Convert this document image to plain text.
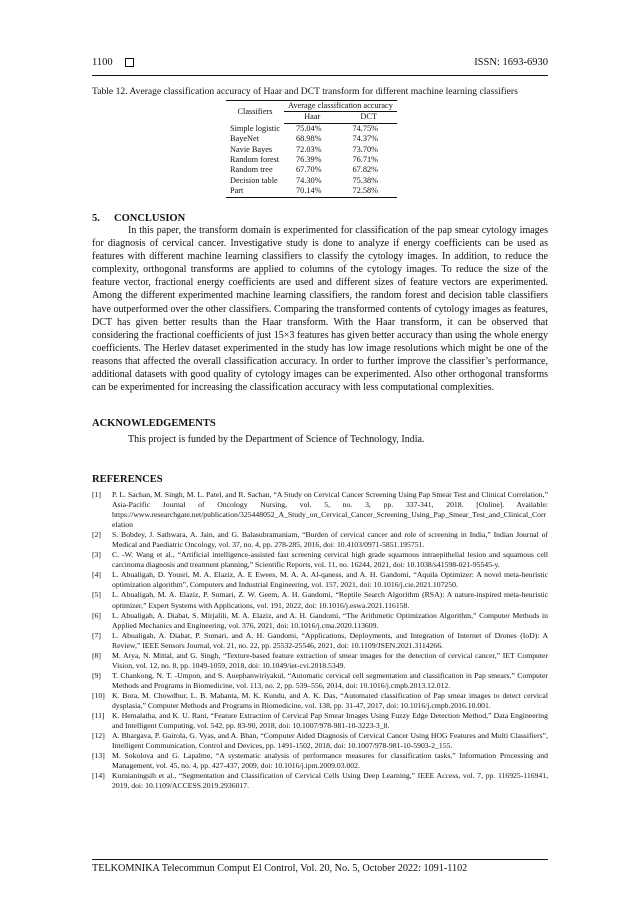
1100	ISSN: 1693-6930
Table 12. Average classification accuracy of Haar and DCT transform for different machine learning classifiers
Classifiers	Average classification accuracy	
	Haar	DCT
Simple logistic	75.04%	74.75%
BayeNet	68.98%	74.37%
Navie Bayes	72.03%	73.70%
Random forest	76.39%	76.71%
Random tree	67.70%	67.82%
Decision table	74.30%	75.38%
Part	70.14%	72.58%
5. CONCLUSION

In this paper, the transform domain is experimented for classification of the pap smear cytology images for diagnosis of cervical cancer. Investigative study is done to analyze if energy coefficients can be used as features with different machine learning classifiers to classify the cytology images. In addition, to reduce the complexity, orthogonal transforms are applied to columns of the cytology images. To reduce the size of the feature vector, fractional energy coefficients are used and different sizes of feature vectors are experimented. Among the different experimented machine learning classifiers, the random forest and decision table classifiers have outperformed over the other classifiers. Comparing the transformed contents of cytology images as features, DCT has given better results than the Haar transform. With the Haar transform, it can be observed that considering the fractional coefficients of just 15×3 features has given better accuracy than using the whole energy coefficients. The Herlev dataset experimented in the study has low image resolutions which might be one of the reasons that affected the overall classification accuracy. In order to further improve the classifier’s performance, additional datasets with good quality of cytology images can be experimented. Also other orthogonal transforms can be experimented for increasing the classification accuracy with less computational complexities.

ACKNOWLEDGEMENTS

This project is funded by the Department of Science of Technology, India.

REFERENCES
[1]	P. L. Sachan, M. Singh, M. L. Patel, and R. Sachan, “A Study on Cervical Cancer Screening Using Pap Smear Test and Clinical Correlation,” Asia-Pacific Journal of Oncology Nursing, vol. 5, no. 3, pp. 337-341, 2018. [Online]. Available: https://www.researchgate.net/publication/325448052_A_Study_on_Cervical_Cancer_Screening_Using_Pap_Smear_Test_and_Clinical_Correlation
[2]	S. Bobdey, J. Sathwara, A. Jain, and G. Balasubramaniam, “Burden of cervical cancer and role of screening in India,” Indian Journal of Medical and Paediatric Oncology, vol. 37, no. 4, pp. 278-285, 2016, doi: 10.4103/0971-5851.195751.
[3]	C. -W. Wang et al., “Artificial intelligence-assisted fast screening cervical high grade squamous intraepithelial lesion and squamous cell carcinoma diagnosis and treatment planning,” Scientific Reports, vol. 11, no. 16244, 2021, doi: 10.1038/s41598-021-95545-y.
[4]	L. Abualigah, D. Yousri, M. A. Elaziz, A. E Ewees, M. A. A. Al-qaness, and A. H. Gandomi, “Aquila Optimizer: A novel meta-heuristic optimization algorithm”, Computers and Industrial Engineering, vol. 157, 2021, doi: 10.1016/j.cie.2021.107250.
[5]	L. Abualigah, M. A. Elaziz, P. Sumari, Z. W. Geem, A. H. Gandomi, “Reptile Search Algorithm (RSA): A nature-inspired meta-heuristic optimizer,” Expert Systems with Applications, vol. 191, 2022, doi: 10.1016/j.eswa.2021.116158.
[6]	L. Abualigah, A. Diabat, S. Mirjalili, M. A. Elaziz, and A. H. Gandomi, “The Arithmetic Optimization Algorithm,” Computer Methods in Applied Mechanics and Engineering, vol. 376, 2021, doi: 10.1016/j.cma.2020.113609.
[7]	L. Abualigah, A. Diabat, P. Sumari, and A. H. Gandomi, “Applications, Deployments, and Integration of Internet of Drones (IoD): A Review,” IEEE Sensors Journal, vol. 21, no. 22, pp. 25532-25546, 2021, doi: 10.1109/JSEN.2021.3114266.
[8]	M. Arya, N. Mittal, and G. Singh, “Texture-based feature extraction of smear images for the detection of cervical cancer,” IET Computer Vision, vol. 12, no. 8, pp. 1049-1059, 2018, doi: 10.1049/iet-cvi.2018.5349.
[9]	T. Chankong, N. T. -Umpon, and S. Auephanwiriyakul, “Automatic cervical cell segmentation and classification in Pap smears,” Computer Methods and Programs in Biomedicine, vol. 113, no. 2, pp. 539–556, 2014, doi: 10.1016/j.cmpb.2013.12.012.
[10] K. Bora, M. Chowdhur, L. B. Mahanta, M. K. Kundu, and A. K. Das, “Automated classification of Pap smear images to detect cervical dysplasia,” Computer Methods and Programs in Biomedicine, vol. 138, pp. 31-47, 2017, doi: 10.1016/j.cmpb.2016.10.001.
[11] K. Hemalatha, and K. U. Rani, “Feature Extraction of Cervical Pap Smear Images Using Fuzzy Edge Detection Method,” Data Engineering and Intelligent Computing, vol. 542, pp. 83-90, 2018, doi: 10.1007/978-981-10-3223-3_8.
[12] A. Bhargava, P. Gairola, G. Vyas, and A. Bhan, “Computer Aided Diagnosis of Cervical Cancer Using HOG Features and Multi Classifiers”, Intelligent Communication, Control and Devices, pp. 1491-1502, 2018, doi: 10.1007/978-981-10-5903-2_155.
[13] M. Sokolova and G. Lapalme, “A systematic analysis of performance measures for classification tasks,” Information Processing and Management, vol. 45, no. 4, pp. 427-437, 2009, doi: 10.1016/j.ipm.2009.03.002.
[14] Kurnianingsih et al., “Segmentation and Classification of Cervical Cells Using Deep Learning,” IEEE Access, vol. 7, pp. 116925-116941, 2019, doi: 10.1109/ACCESS.2019.2936017.
TELKOMNIKA Telecommun Comput El Control, Vol. 20, No. 5, October 2022: 1091-1102
